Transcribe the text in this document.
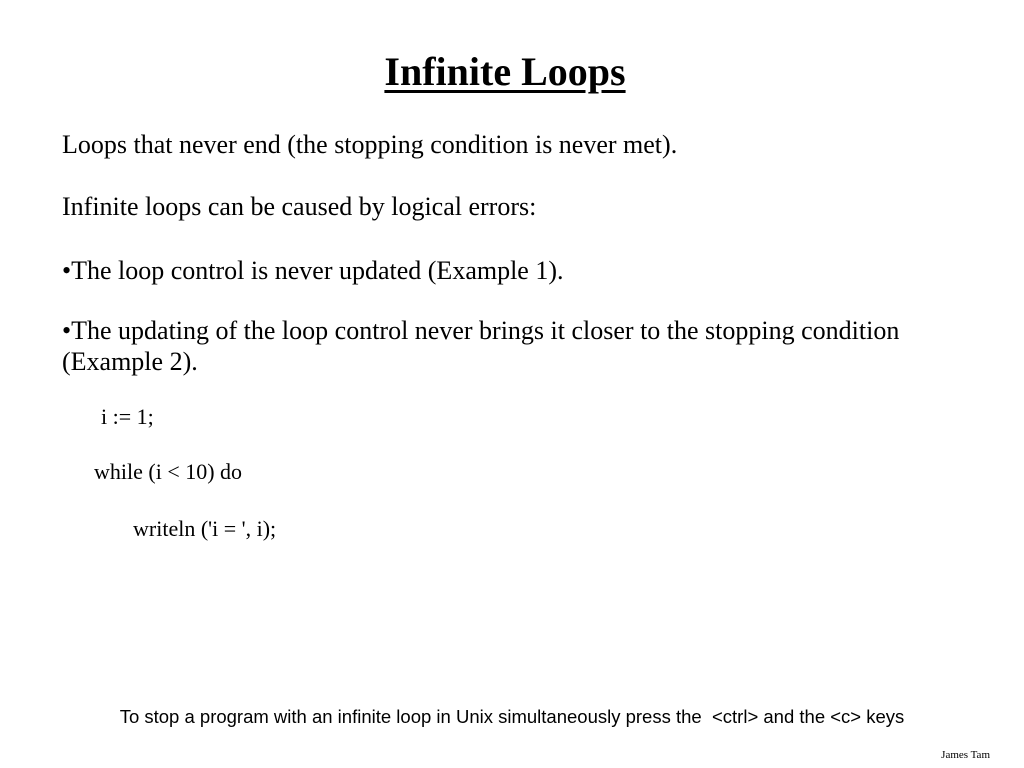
Infinite Loops

Loops that never end (the stopping condition is never met).

Infinite loops can be caused by logical errors:

•The loop control is never updated (Example 1).

•The updating of the loop control never brings it closer to the stopping condition (Example 2).

i := 1;

while (i < 10) do

writeln ('i = ', i);

To stop a program with an infinite loop in Unix simultaneously press the  <ctrl> and the <c> keys

James Tam
